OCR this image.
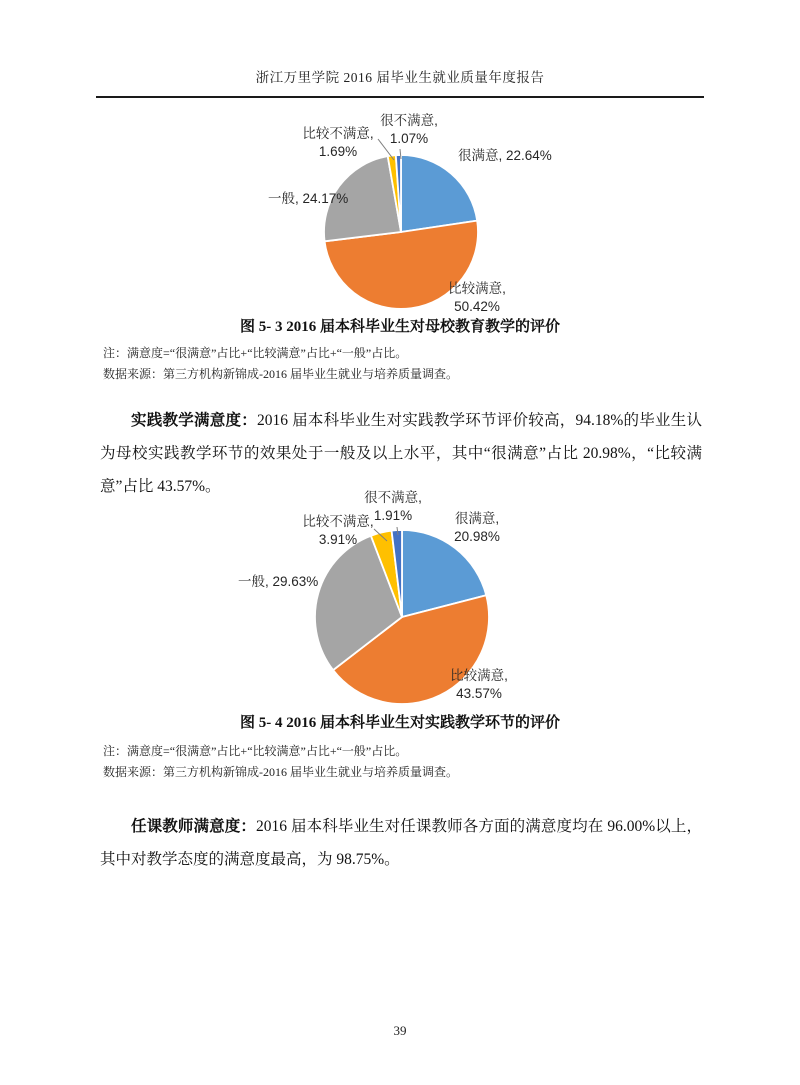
浙江万里学院 2016 届毕业生就业质量年度报告
很不满意,
1.07%
比较不满意,
1.69%	很满意, 22.64%
一般, 24.17%
比较满意,
50.42%
图 5- 3 2016 届本科毕业生对母校教育教学的评价
注：满意度=“很满意”占比+“比较满意”占比+“一般”占比。
数据来源：第三方机构新锦成-2016 届毕业生就业与培养质量调查。

实践教学满意度：2016 届本科毕业生对实践教学环节评价较高，94.18%的毕业生认为母校实践教学环节的效果处于一般及以上水平，其中“很满意”占比 20.98%，“比较满意”占比 43.57%。

很不满意,
1.91%
比较不满意,
3.91%
很满意,
20.98%
一般, 29.63%
比较满意,
43.57%
图 5- 4 2016 届本科毕业生对实践教学环节的评价
注：满意度=“很满意”占比+“比较满意”占比+“一般”占比。
数据来源：第三方机构新锦成-2016 届毕业生就业与培养质量调查。

任课教师满意度：2016 届本科毕业生对任课教师各方面的满意度均在 96.00%以上，其中对教学态度的满意度最高，为 98.75%。

39
